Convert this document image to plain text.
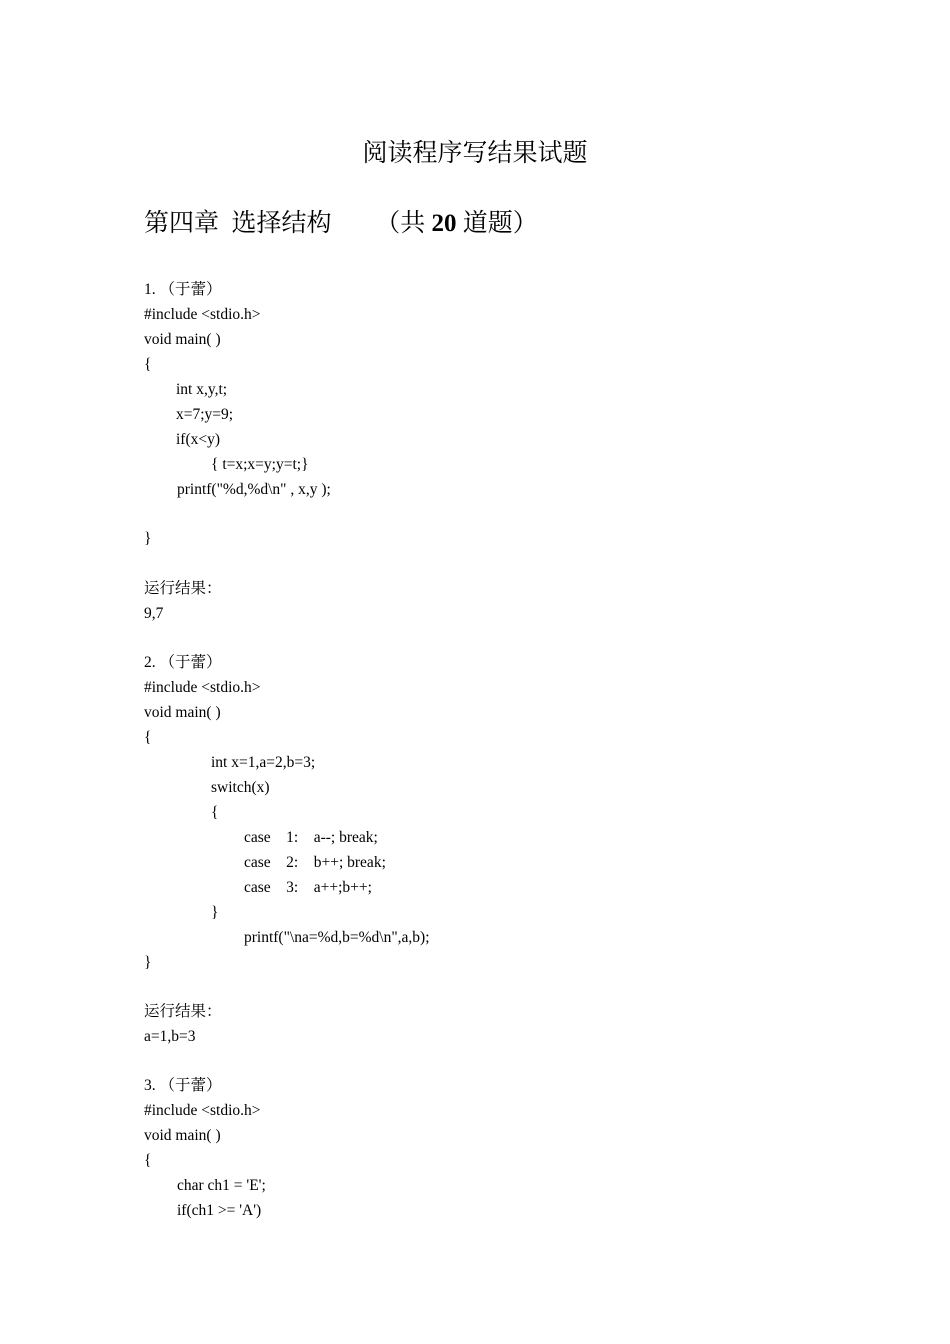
阅读程序写结果试题
第四章  选择结构       （共 20 道题）
1. （于蕾）
#include <stdio.h>
void main( )
{
int x,y,t;
x=7;y=9;
if(x<y)
{ t=x;x=y;y=t;}
printf("%d,%d\n" , x,y );
}
运行结果：
9,7
2. （于蕾）
#include <stdio.h>
void main( )
{
int x=1,a=2,b=3;
switch(x)
{
case    1:    a--; break;
case    2:    b++; break;
case    3:    a++;b++;
}
printf("\na=%d,b=%d\n",a,b);
}
运行结果：
a=1,b=3
3. （于蕾）
#include <stdio.h>
void main( )
{
char ch1 = 'E';
if(ch1 >= 'A')
